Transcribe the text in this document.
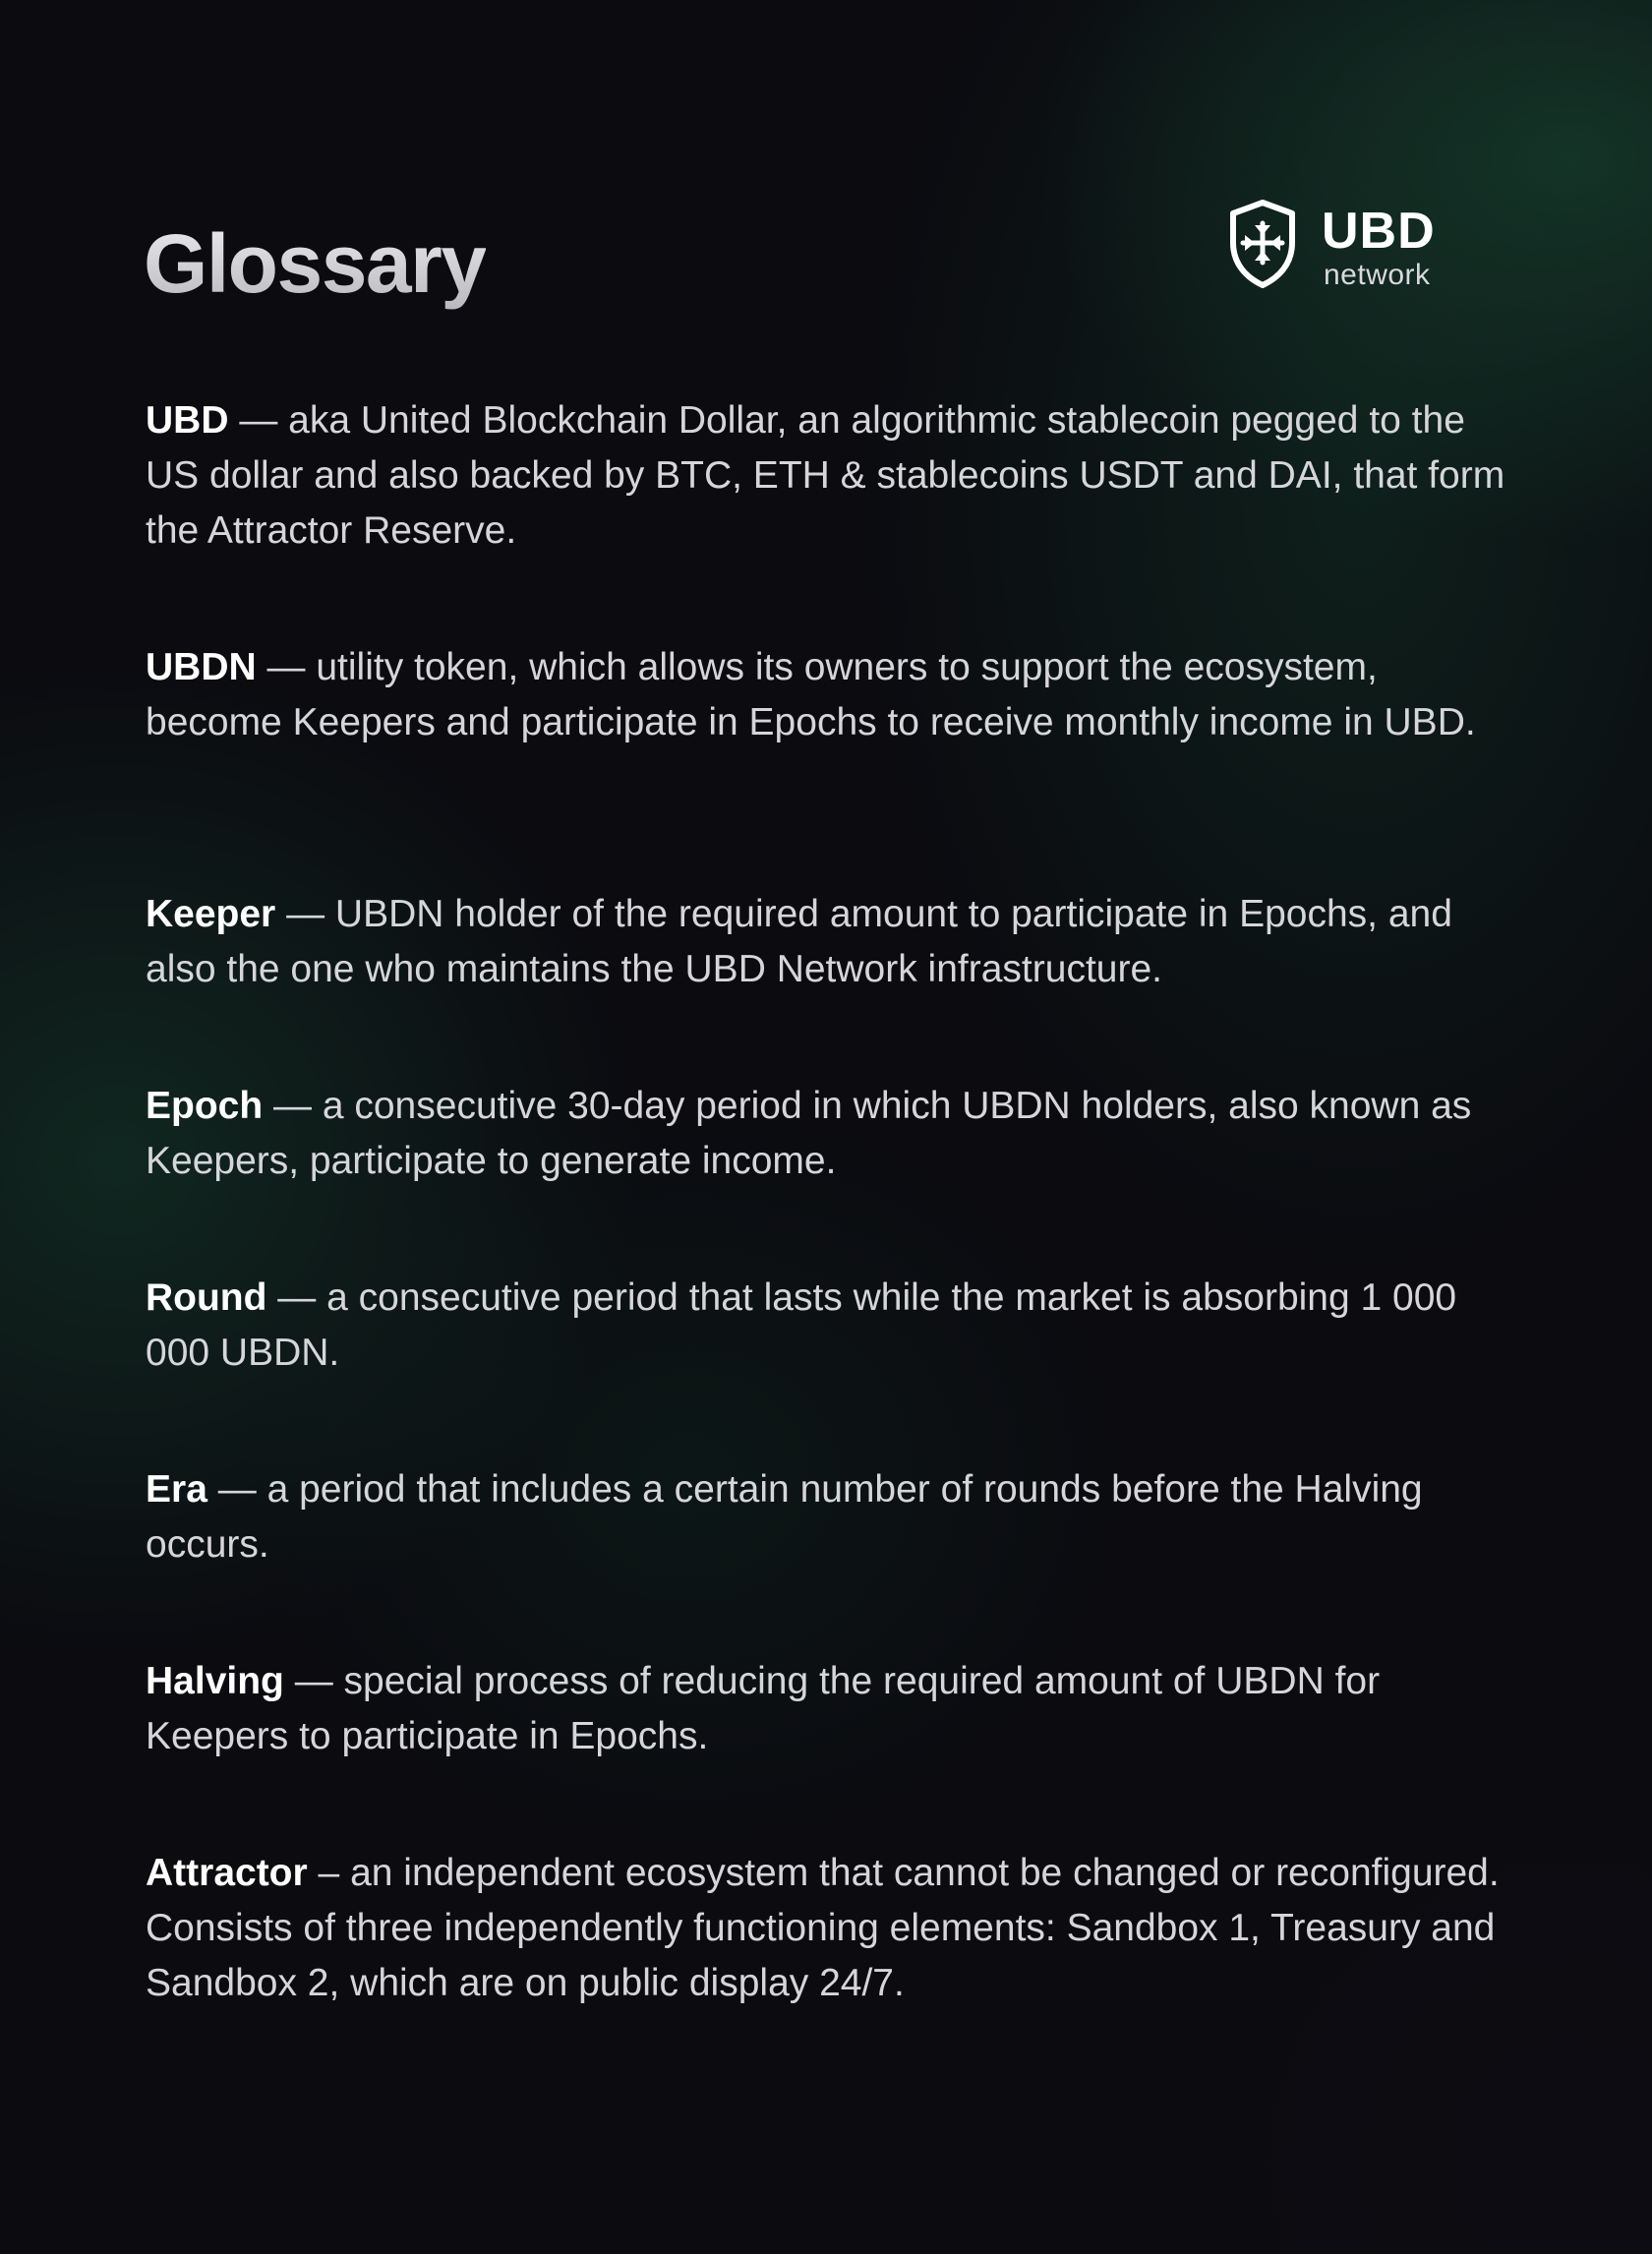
Glossary	UBD
network

UBD — aka United Blockchain Dollar, an algorithmic stablecoin pegged to the US dollar and also backed by BTC, ETH & stablecoins USDT and DAI, that form the Attractor Reserve.

UBDN — utility token, which allows its owners to support the ecosystem, become Keepers and participate in Epochs to receive monthly income in UBD.

Keeper — UBDN holder of the required amount to participate in Epochs, and also the one who maintains the UBD Network infrastructure.

Epoch — a consecutive 30-day period in which UBDN holders, also known as Keepers, participate to generate income.

Round — a consecutive period that lasts while the market is absorbing 1 000 000 UBDN.

Era — a period that includes a certain number of rounds before the Halving occurs.

Halving — special process of reducing the required amount of UBDN for Keepers to participate in Epochs.

Attractor – an independent ecosystem that cannot be changed or reconfigured. Consists of three independently functioning elements: Sandbox 1, Treasury and Sandbox 2, which are on public display 24/7.
